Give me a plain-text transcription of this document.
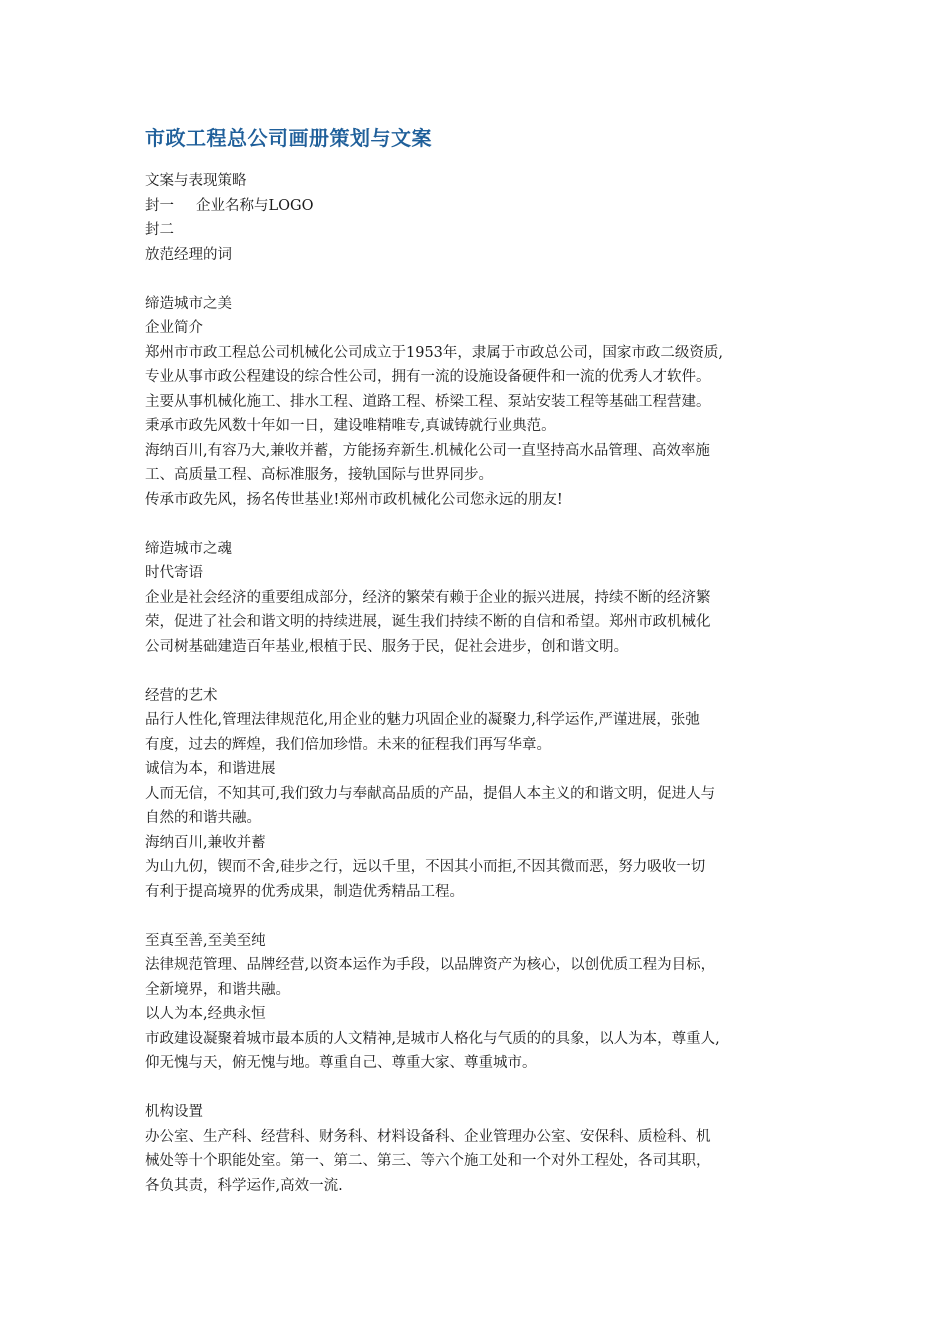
市政工程总公司画册策划与文案
文案与表现策略
封一 企业名称与LOGO
封二
放范经理的词
缔造城市之美
企业简介
郑州市市政工程总公司机械化公司成立于1953年，隶属于市政总公司，国家市政二级资质,
专业从事市政公程建设的综合性公司，拥有一流的设施设备硬件和一流的优秀人才软件。
主要从事机械化施工、排水工程、道路工程、桥梁工程、泵站安装工程等基础工程营建。
秉承市政先风数十年如一日，建设唯精唯专,真诚铸就行业典范。
海纳百川,有容乃大,兼收并蓄，方能扬弃新生.机械化公司一直坚持高水品管理、高效率施
工、高质量工程、高标准服务，接轨国际与世界同步。
传承市政先风，扬名传世基业!郑州市政机械化公司您永远的朋友!
缔造城市之魂
时代寄语
企业是社会经济的重要组成部分，经济的繁荣有赖于企业的振兴进展，持续不断的经济繁
荣，促进了社会和谐文明的持续进展，诞生我们持续不断的自信和希望。郑州市政机械化
公司树基础建造百年基业,根植于民、服务于民，促社会进步，创和谐文明。
经营的艺术
品行人性化,管理法律规范化,用企业的魅力巩固企业的凝聚力,科学运作,严谨进展，张弛
有度，过去的辉煌，我们倍加珍惜。未来的征程我们再写华章。
诚信为本，和谐进展
人而无信，不知其可,我们致力与奉献高品质的产品，提倡人本主义的和谐文明，促进人与
自然的和谐共融。
海纳百川,兼收并蓄
为山九仞，锲而不舍,硅步之行，远以千里，不因其小而拒,不因其微而恶，努力吸收一切
有利于提高境界的优秀成果，制造优秀精品工程。
至真至善,至美至纯
法律规范管理、品牌经营,以资本运作为手段，以品牌资产为核心，以创优质工程为目标，
全新境界，和谐共融。
以人为本,经典永恒
市政建设凝聚着城市最本质的人文精神,是城市人格化与气质的的具象，以人为本，尊重人,
仰无愧与天，俯无愧与地。尊重自己、尊重大家、尊重城市。
机构设置
办公室、生产科、经营科、财务科、材料设备科、企业管理办公室、安保科、质检科、机
械处等十个职能处室。第一、第二、第三、等六个施工处和一个对外工程处，各司其职，
各负其责，科学运作,高效一流.
